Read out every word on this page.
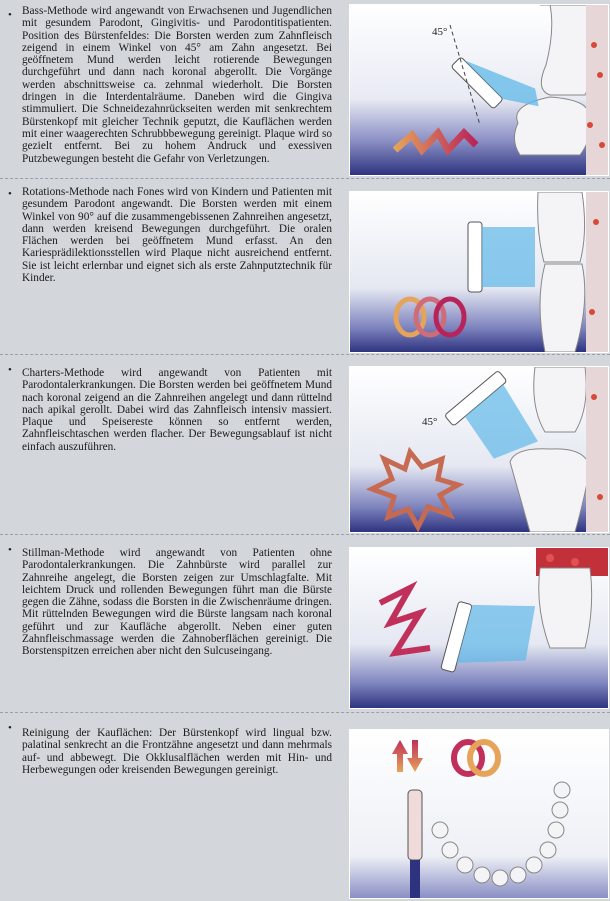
• Bass-Methode wird angewandt von Erwachsenen und Jugendlichen mit gesundem Parodont, Gingivitis- und Parodontitispatienten. Position des Bürstenfeldes: Die Borsten werden zum Zahnfleisch zeigend in einem Winkel von 45° am Zahn angesetzt. Bei geöffnetem Mund werden leicht rotierende Bewegungen durchgeführt und dann nach koronal abgerollt. Die Vorgänge werden abschnittsweise ca. zehnmal wiederholt. Die Borsten dringen in die Interdentalräume. Daneben wird die Gingiva stimmuliert. Die Schneidezahnrückseiten werden mit senkrechtem Bürstenkopf mit gleicher Technik geputzt, die Kauflächen werden mit einer waagerechten Schrubbbewegung gereinigt. Plaque wird so gezielt entfernt. Bei zu hohem Andruck und exessiven Putzbewegungen besteht die Gefahr von Verletzungen.
45°
• Rotations-Methode nach Fones wird von Kindern und Patienten mit gesundem Parodont angewandt. Die Borsten werden mit einem Winkel von 90° auf die zusammengebissenen Zahnreihen angesetzt, dann werden kreisend Bewegungen durchgeführt. Die oralen Flächen werden bei geöffnetem Mund erfasst. An den Kariesprädilektionsstellen wird Plaque nicht ausreichend entfernt. Sie ist leicht erlernbar und eignet sich als erste Zahnputztechnik für Kinder.
• Charters-Methode wird angewandt von Patienten mit Parodontalerkrankungen. Die Borsten werden bei geöffnetem Mund nach koronal zeigend an die Zahnreihen angelegt und dann rüttelnd nach apikal gerollt. Dabei wird das Zahnfleisch intensiv massiert. Plaque und Speisereste können so entfernt werden, Zahnfleischtaschen werden flacher. Der Bewegungsablauf ist nicht einfach auszuführen.
45°
• Stillman-Methode wird angewandt von Patienten ohne Parodontalerkrankungen. Die Zahnbürste wird parallel zur Zahnreihe angelegt, die Borsten zeigen zur Umschlagfalte. Mit leichtem Druck und rollenden Bewegungen führt man die Bürste gegen die Zähne, sodass die Borsten in die Zwischenräume dringen. Mit rüttelnden Bewegungen wird die Bürste langsam nach koronal geführt und zur Kaufläche abgerollt. Neben einer guten Zahnfleischmassage werden die Zahnoberflächen gereinigt. Die Borstenspitzen erreichen aber nicht den Sulcuseingang.
• Reinigung der Kauflächen: Der Bürstenkopf wird lingual bzw. palatinal senkrecht an die Frontzähne angesetzt und dann mehrmals auf- und abbewegt. Die Okklusalflächen werden mit Hin- und Herbewegungen oder kreisenden Bewegungen gereinigt.
